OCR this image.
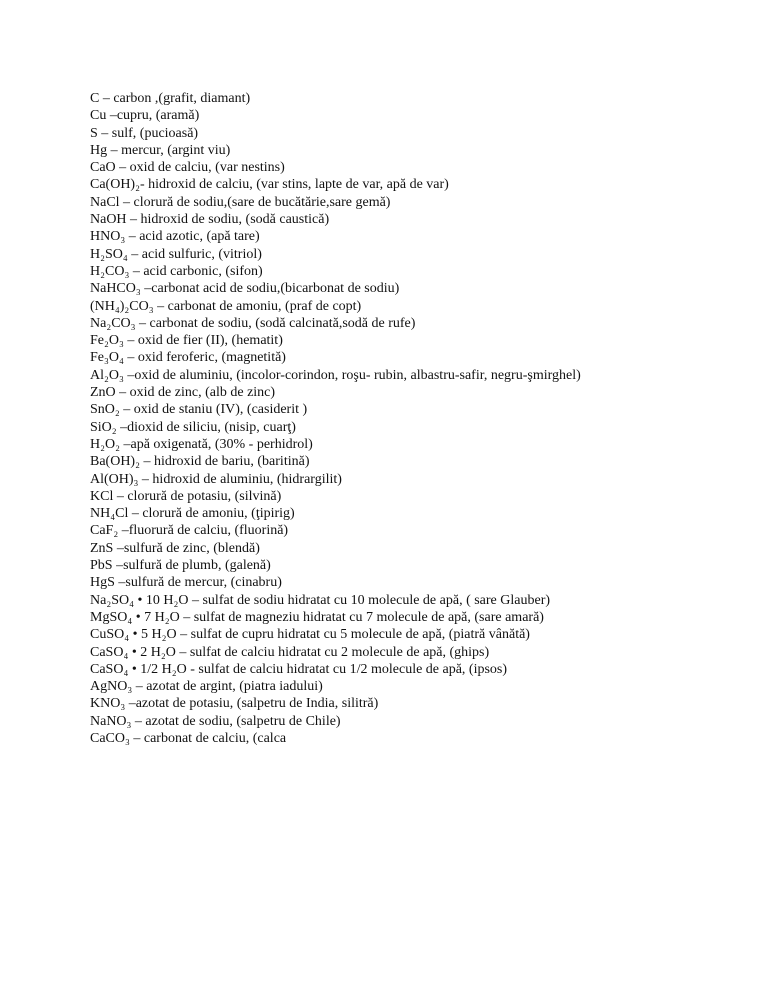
C – carbon ,(grafit, diamant)
Cu –cupru, (aramă)
S – sulf, (pucioasă)
Hg – mercur, (argint viu)
CaO – oxid de calciu, (var nestins)
Ca(OH)₂- hidroxid de calciu, (var stins, lapte de var, apă de var)
NaCl – clorură de sodiu,(sare de bucătărie,sare gemă)
NaOH – hidroxid de sodiu, (sodă caustică)
HNO₃ – acid azotic, (apă tare)
H₂SO₄ – acid sulfuric, (vitriol)
H₂CO₃ – acid carbonic, (sifon)
NaHCO₃ –carbonat acid de sodiu,(bicarbonat de sodiu)
(NH₄)₂CO₃ – carbonat de amoniu, (praf de copt)
Na₂CO₃ – carbonat de sodiu, (sodă calcinată,sodă de rufe)
Fe₂O₃ – oxid de fier (II), (hematit)
Fe₃O₄ – oxid feroferic, (magnetită)
Al₂O₃ –oxid de aluminiu, (incolor-corindon, roşu- rubin, albastru-safir, negru-şmirghel)
ZnO – oxid de zinc, (alb de zinc)
SnO₂ – oxid de staniu (IV), (casiderit )
SiO₂ –dioxid de siliciu, (nisip, cuarţ)
H₂O₂ –apă oxigenată, (30% - perhidrol)
Ba(OH)₂ – hidroxid de bariu, (baritină)
Al(OH)₃ – hidroxid de aluminiu, (hidrargilit)
KCl – clorură de potasiu, (silvină)
NH₄Cl – clorură de amoniu, (ţipirig)
CaF₂ –fluorură de calciu, (fluorină)
ZnS –sulfură de zinc, (blendă)
PbS –sulfură de plumb, (galenă)
HgS –sulfură de mercur, (cinabru)
Na₂SO₄ • 10 H₂O – sulfat de sodiu hidratat cu 10 molecule de apă, ( sare Glauber)
MgSO₄ • 7 H₂O – sulfat de magneziu hidratat cu 7 molecule de apă, (sare amară)
CuSO₄ • 5 H₂O – sulfat de cupru hidratat cu 5 molecule de apă, (piatră vânătă)
CaSO₄ • 2 H₂O – sulfat de calciu hidratat cu 2 molecule de apă, (ghips)
CaSO₄ • 1/2 H₂O - sulfat de calciu hidratat cu 1/2 molecule de apă, (ipsos)
AgNO₃ – azotat de argint, (piatra iadului)
KNO₃ –azotat de potasiu, (salpetru de India, silitră)
NaNO₃ – azotat de sodiu, (salpetru de Chile)
CaCO₃ – carbonat de calciu, (calca
